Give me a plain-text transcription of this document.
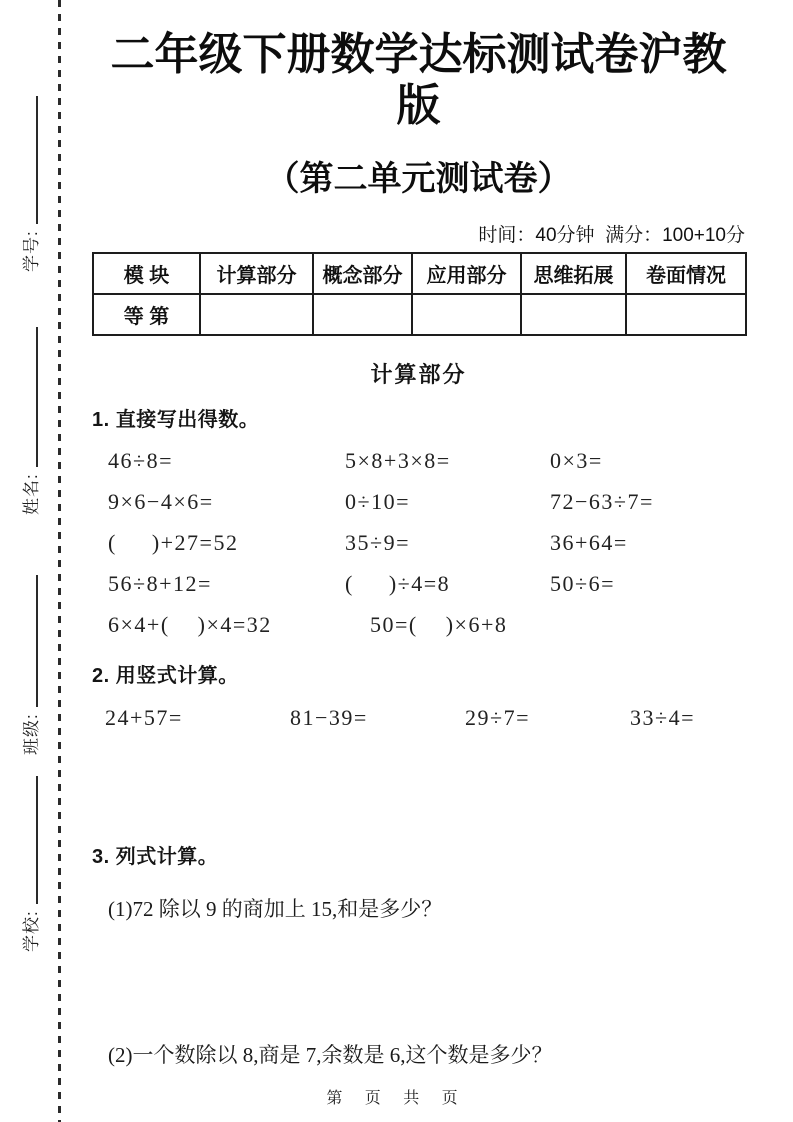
学号:
姓名:
班级:
学校:
二年级下册数学达标测试卷沪教版
（第二单元测试卷）
时间：40分钟  满分：100+10分
模 块	计算部分	概念部分	应用部分	思维拓展	卷面情况
等 第					
计算部分
1. 直接写出得数。
46÷8=	5×8+3×8=	0×3=
9×6−4×6=	0÷10=	72−63÷7=
(     )+27=52	35÷9=	36+64=
56÷8+12=	(     )÷4=8	50÷6=
6×4+(    )×4=32	50=(    )×6+8
2. 用竖式计算。
24+57=	81−39=	29÷7=	33÷4=
3. 列式计算。
(1)72 除以 9 的商加上 15,和是多少？
(2)一个数除以 8,商是 7,余数是 6,这个数是多少？
第 页 共 页
